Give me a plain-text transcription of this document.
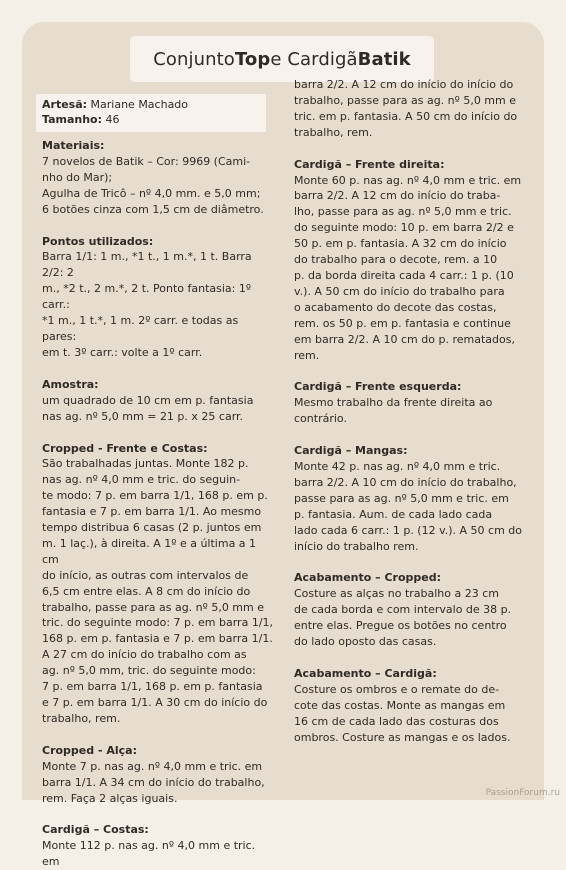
Conjunto Top e Cardigã Batik

Artesã: Mariane Machado

Tamanho: 46

Materiais:

7 novelos de Batik – Cor: 9969 (Cami-

nho do Mar);

Agulha de Tricô – nº 4,0 mm. e 5,0 mm;

6 botões cinza com 1,5 cm de diâmetro.

Pontos utilizados:

Barra 1/1: 1 m., *1 t., 1 m.*, 1 t. Barra 2/2: 2

m., *2 t., 2 m.*, 2 t. Ponto fantasia: 1º carr.:

*1 m., 1 t.*, 1 m. 2º carr. e todas as pares:

em t. 3º carr.: volte a 1º carr.

Amostra:

um quadrado de 10 cm em p. fantasia

nas ag. nº 5,0 mm = 21 p. x 25 carr.

Cropped - Frente e Costas:

São trabalhadas juntas. Monte 182 p.

nas ag. nº 4,0 mm e tric. do seguin-

te modo: 7 p. em barra 1/1, 168 p. em p.

fantasia e 7 p. em barra 1/1. Ao mesmo

tempo distribua 6 casas (2 p. juntos em

m. 1 laç.), à direita. A 1º e a última a 1 cm

do início, as outras com intervalos de

6,5 cm entre elas. A 8 cm do início do

trabalho, passe para as ag. nº 5,0 mm e

tric. do seguinte modo: 7 p. em barra 1/1,

168 p. em p. fantasia e 7 p. em barra 1/1.

A 27 cm do início do trabalho com as

ag. nº 5,0 mm, tric. do seguinte modo:

7 p. em barra 1/1, 168 p. em p. fantasia

e 7 p. em barra 1/1. A 30 cm do início do

trabalho, rem.

Cropped - Alça:

Monte 7 p. nas ag. nº 4,0 mm e tric. em

barra 1/1. A 34 cm do início do trabalho,

rem. Faça 2 alças iguais.

Cardigã – Costas:

Monte 112 p. nas ag. nº 4,0 mm e tric. em

barra 2/2. A 12 cm do início do início do

trabalho, passe para as ag. nº 5,0 mm e

tric. em p. fantasia. A 50 cm do início do

trabalho, rem.

Cardigã – Frente direita:

Monte 60 p. nas ag. nº 4,0 mm e tric. em

barra 2/2. A 12 cm do início do traba-

lho, passe para as ag. nº 5,0 mm e tric.

do seguinte modo: 10 p. em barra 2/2 e

50 p. em p. fantasia. A 32 cm do início

do trabalho para o decote, rem. a 10

p. da borda direita cada 4 carr.: 1 p. (10

v.). A 50 cm do início do trabalho para

o acabamento do decote das costas,

rem. os 50 p. em p. fantasia e continue

em barra 2/2. A 10 cm do p. rematados,

rem.

Cardigã – Frente esquerda:

Mesmo trabalho da frente direita ao

contrário.

Cardigã – Mangas:

Monte 42 p. nas ag. nº 4,0 mm e tric.

barra 2/2. A 10 cm do início do trabalho,

passe para as ag. nº 5,0 mm e tric. em

p. fantasia. Aum. de cada lado cada

lado cada 6 carr.: 1 p. (12 v.). A 50 cm do

início do trabalho rem.

Acabamento – Cropped:

Costure as alças no trabalho a 23 cm

de cada borda e com intervalo de 38 p.

entre elas. Pregue os botões no centro

do lado oposto das casas.

Acabamento – Cardigã:

Costure os ombros e o remate do de-

cote das costas. Monte as mangas em

16 cm de cada lado das costuras dos

ombros. Costure as mangas e os lados.

PassionForum.ru
